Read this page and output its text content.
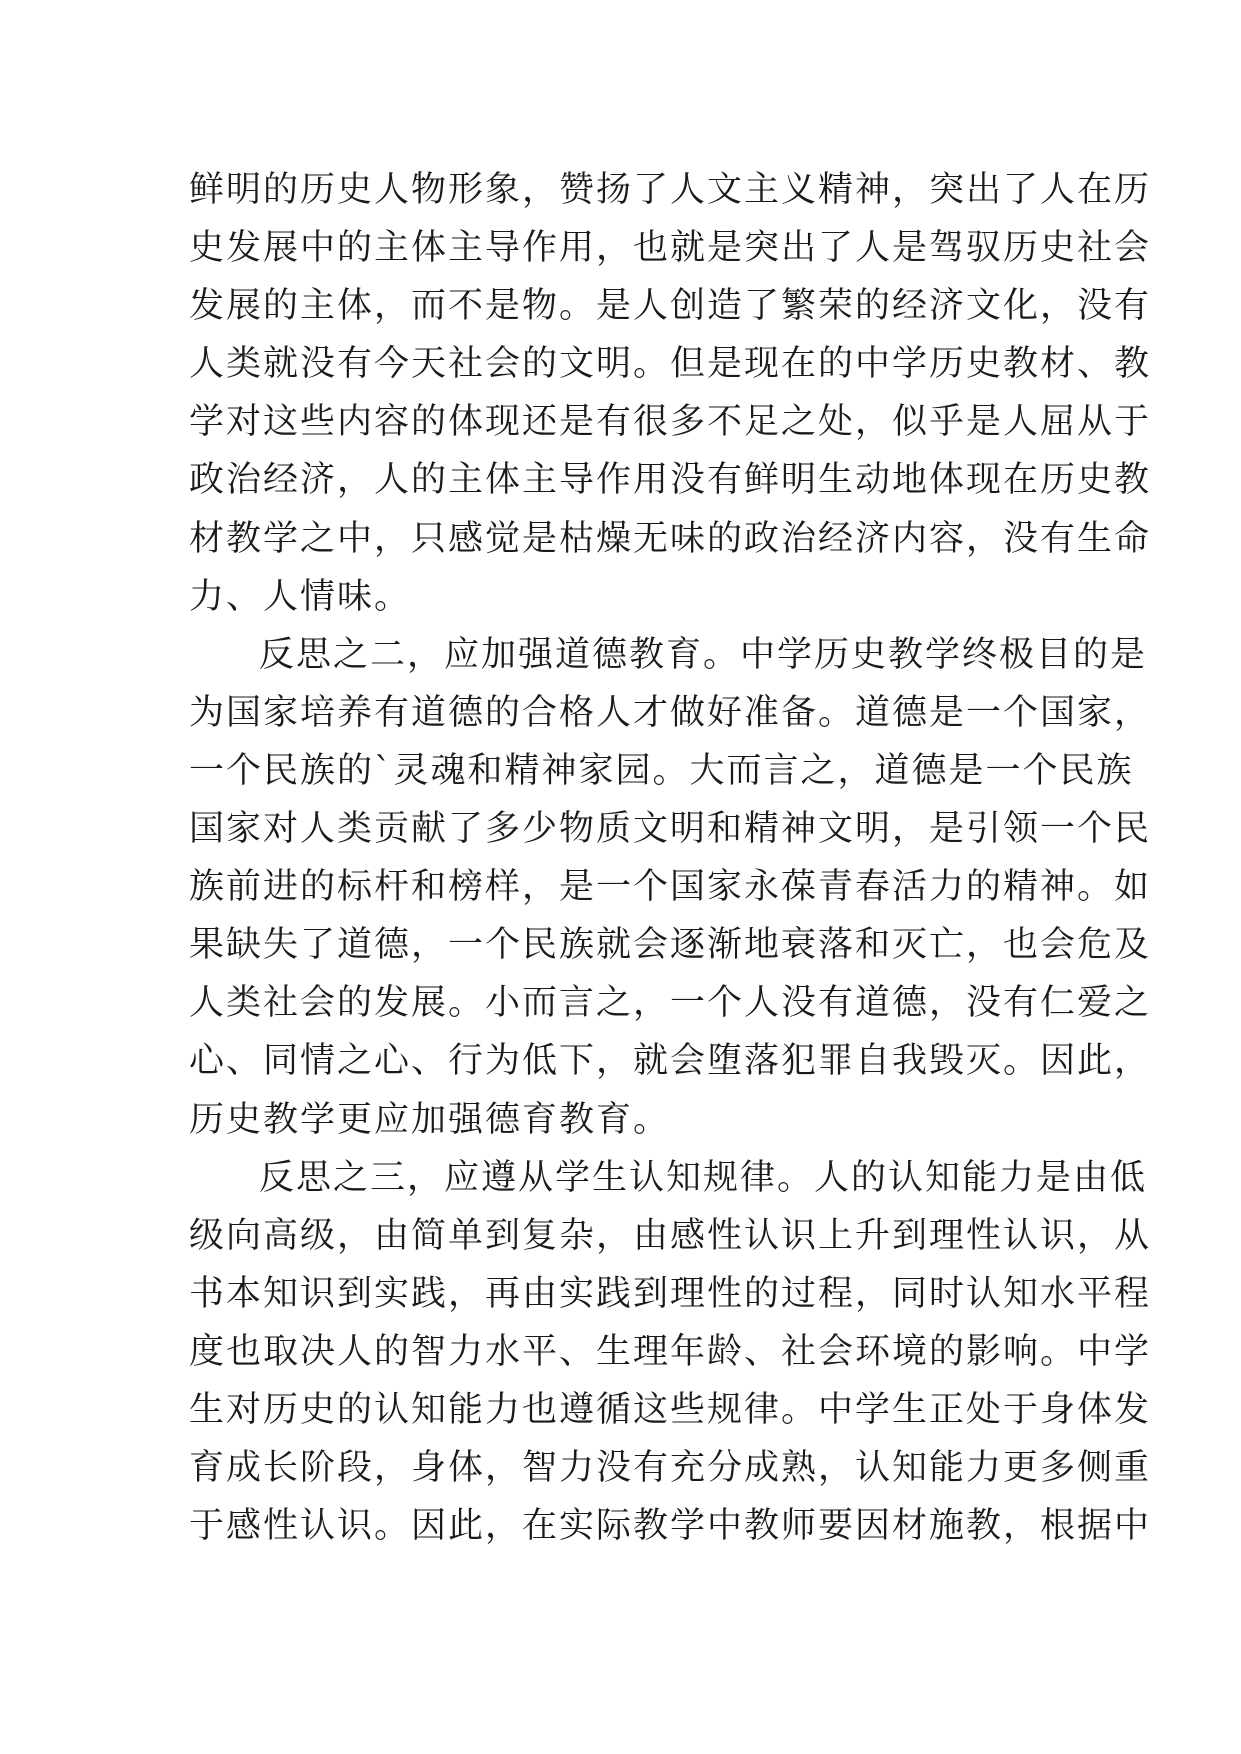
鲜明的历史人物形象，赞扬了人文主义精神，突出了人在历
史发展中的主体主导作用，也就是突出了人是驾驭历史社会
发展的主体，而不是物。是人创造了繁荣的经济文化，没有
人类就没有今天社会的文明。但是现在的中学历史教材、教
学对这些内容的体现还是有很多不足之处，似乎是人屈从于
政治经济，人的主体主导作用没有鲜明生动地体现在历史教
材教学之中，只感觉是枯燥无味的政治经济内容，没有生命
力、人情味。
反思之二，应加强道德教育。中学历史教学终极目的是
为国家培养有道德的合格人才做好准备。道德是一个国家，
一个民族的`灵魂和精神家园。大而言之，道德是一个民族
国家对人类贡献了多少物质文明和精神文明，是引领一个民
族前进的标杆和榜样，是一个国家永葆青春活力的精神。如
果缺失了道德，一个民族就会逐渐地衰落和灭亡，也会危及
人类社会的发展。小而言之，一个人没有道德，没有仁爱之
心、同情之心、行为低下，就会堕落犯罪自我毁灭。因此，
历史教学更应加强德育教育。
反思之三，应遵从学生认知规律。人的认知能力是由低
级向高级，由简单到复杂，由感性认识上升到理性认识，从
书本知识到实践，再由实践到理性的过程，同时认知水平程
度也取决人的智力水平、生理年龄、社会环境的影响。中学
生对历史的认知能力也遵循这些规律。中学生正处于身体发
育成长阶段，身体，智力没有充分成熟，认知能力更多侧重
于感性认识。因此，在实际教学中教师要因材施教，根据中
